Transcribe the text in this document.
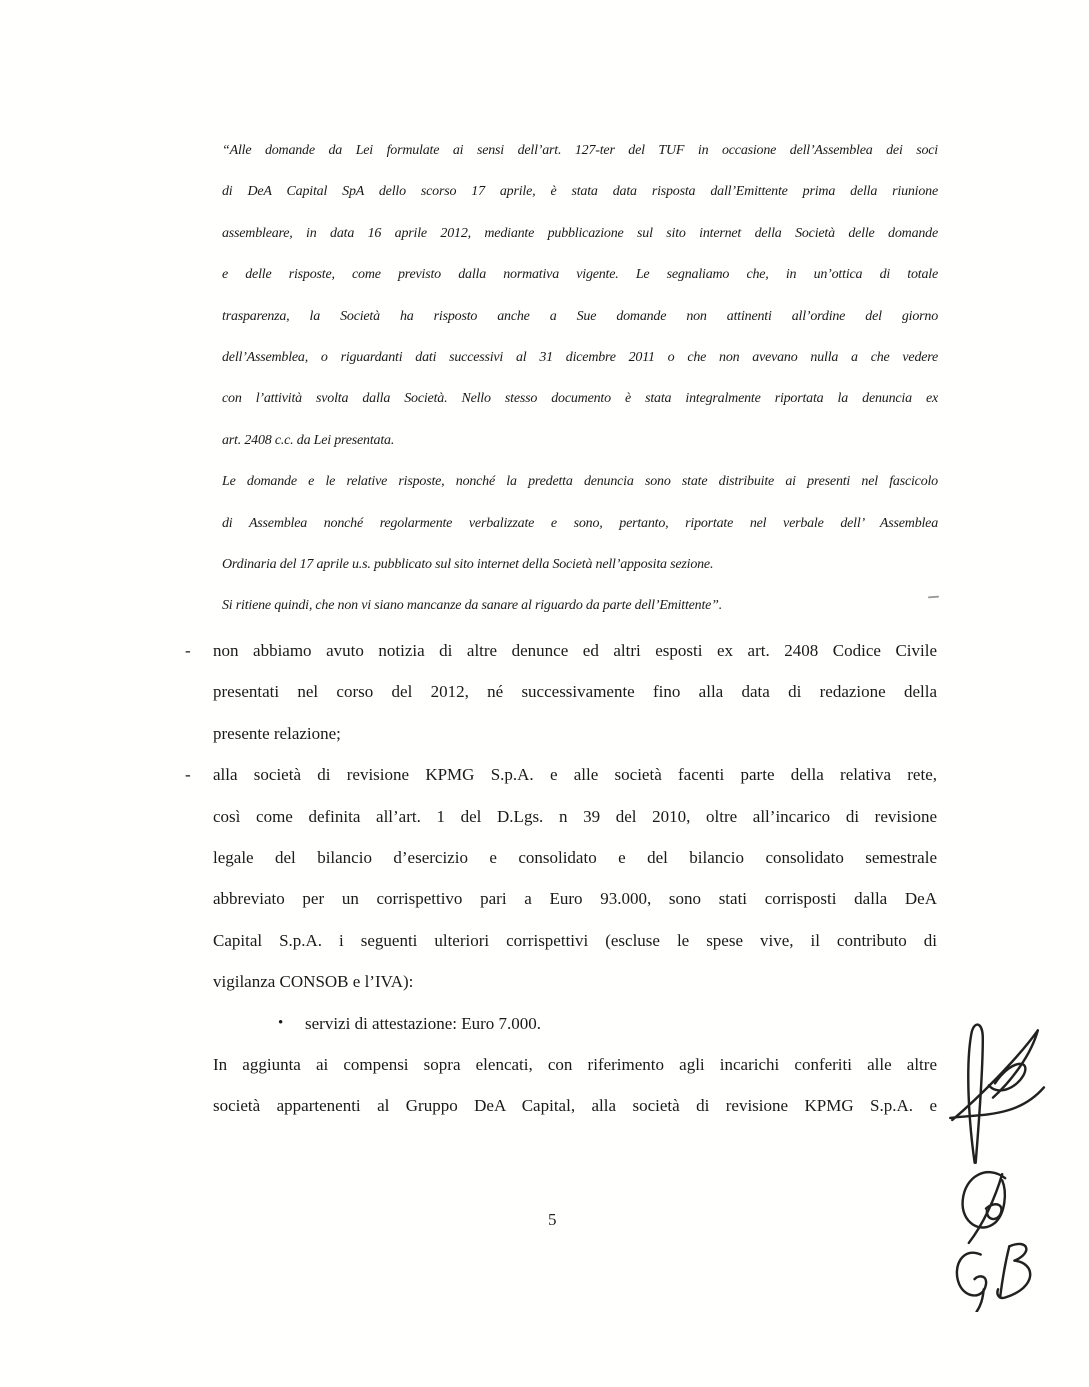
“Alle domande da Lei formulate ai sensi dell’art. 127-ter del TUF in occasione dell’Assemblea dei soci
di DeA Capital SpA dello scorso 17 aprile, è stata data risposta dall’Emittente prima della riunione
assembleare, in data 16 aprile 2012, mediante pubblicazione sul sito internet della Società delle domande
e delle risposte, come previsto dalla normativa vigente. Le segnaliamo che, in un’ottica di totale
trasparenza, la Società ha risposto anche a Sue domande non attinenti all’ordine del giorno
dell’Assemblea, o riguardanti dati successivi al 31 dicembre 2011 o che non avevano nulla a che vedere
con l’attività svolta dalla Società. Nello stesso documento è stata integralmente riportata la denuncia ex
art. 2408 c.c. da Lei presentata.
Le domande e le relative risposte, nonché la predetta denuncia sono state distribuite ai presenti nel fascicolo
di Assemblea nonché regolarmente verbalizzate e sono, pertanto, riportate nel verbale dell’ Assemblea
Ordinaria del 17 aprile u.s. pubblicato sul sito internet della Società nell’apposita sezione.
Si ritiene quindi, che non vi siano mancanze da sanare al riguardo da parte dell’Emittente”.
-
-
non abbiamo avuto notizia di altre denunce ed altri esposti ex art. 2408 Codice Civile
presentati nel corso del 2012, né successivamente fino alla data di redazione della
presente relazione;
alla società di revisione KPMG S.p.A. e alle società facenti parte della relativa rete,
così come definita all’art. 1 del D.Lgs. n 39 del 2010, oltre all’incarico di revisione
legale del bilancio d’esercizio e consolidato e del bilancio consolidato semestrale
abbreviato per un corrispettivo pari a Euro 93.000, sono stati corrisposti dalla DeA
Capital S.p.A. i seguenti ulteriori corrispettivi (escluse le spese vive, il contributo di
vigilanza CONSOB e l’IVA):
• servizi di attestazione: Euro 7.000.
In aggiunta ai compensi sopra elencati, con riferimento agli incarichi conferiti alle altre
società appartenenti al Gruppo DeA Capital, alla società di revisione KPMG S.p.A. e
5
